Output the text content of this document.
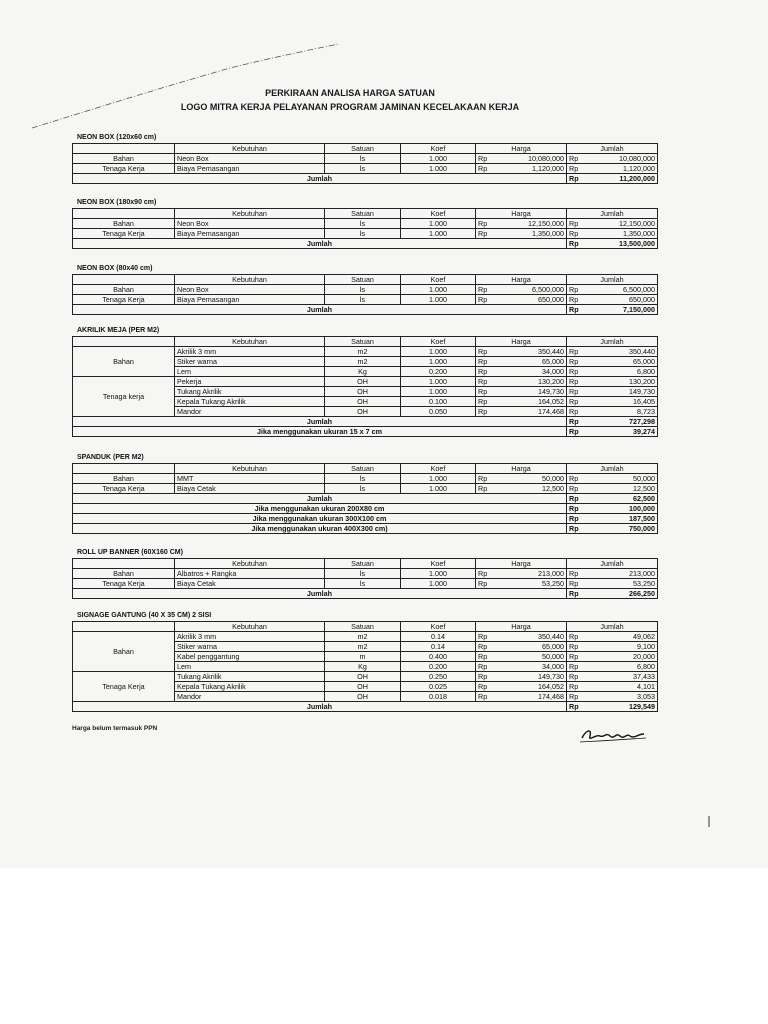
PERKIRAAN ANALISA HARGA SATUAN
LOGO MITRA KERJA PELAYANAN PROGRAM JAMINAN KECELAKAAN KERJA
NEON BOX (120x60 cm)
	Kebutuhan	Satuan	Koef	Harga		Jumlah	
Bahan	Neon Box	ls	1.000	Rp	10,080,000	Rp	10,080,000
Tenaga Kerja	Biaya Pemasangan	ls	1.000	Rp	1,120,000	Rp	1,120,000
Jumlah						Rp	11,200,000
NEON BOX (180x90 cm)
	Kebutuhan	Satuan	Koef	Harga		Jumlah	
Bahan	Neon Box	ls	1.000	Rp	12,150,000	Rp	12,150,000
Tenaga Kerja	Biaya Pemasangan	ls	1.000	Rp	1,350,000	Rp	1,350,000
Jumlah						Rp	13,500,000
NEON BOX (80x40 cm)
	Kebutuhan	Satuan	Koef	Harga		Jumlah	
Bahan	Neon Box	ls	1.000	Rp	6,500,000	Rp	6,500,000
Tenaga Kerja	Biaya Pemasangan	ls	1.000	Rp	650,000	Rp	650,000
Jumlah						Rp	7,150,000
AKRILIK MEJA (PER M2)
	Kebutuhan	Satuan	Koef	Harga		Jumlah	
Bahan	Akrilik 3 mm	m2	1.000	Rp	350,440	Rp	350,440
	Stiker warna	m2	1.000	Rp	65,000	Rp	65,000
	Lem	Kg	0.200	Rp	34,000	Rp	6,800
Tenaga kerja	Pekerja	OH	1.000	Rp	130,200	Rp	130,200
	Tukang Akrilik	OH	1.000	Rp	149,730	Rp	149,730
	Kepala Tukang Akrilik	OH	0.100	Rp	164,052	Rp	16,405
	Mandor	OH	0.050	Rp	174,468	Rp	8,723
Jumlah						Rp	727,298
Jika menggunakan ukuran 15 x 7 cm						Rp	39,274
SPANDUK (PER M2)
	Kebutuhan	Satuan	Koef	Harga		Jumlah	
Bahan	MMT	ls	1.000	Rp	50,000	Rp	50,000
Tenaga Kerja	Biaya Cetak	ls	1.000	Rp	12,500	Rp	12,500
Jumlah						Rp	62,500
Jika menggunakan ukuran 200X80 cm						Rp	100,000
Jika menggunakan ukuran 300X100 cm						Rp	187,500
Jika menggunakan ukuran 400X300 cm)						Rp	750,000
ROLL UP BANNER (60X160 CM)
	Kebutuhan	Satuan	Koef	Harga		Jumlah	
Bahan	Albatros + Rangka	ls	1.000	Rp	213,000	Rp	213,000
Tenaga Kerja	Biaya Cetak	ls	1.000	Rp	53,250	Rp	53,250
Jumlah						Rp	266,250
SIGNAGE GANTUNG (40 X 35 CM) 2 SISI
	Kebutuhan	Satuan	Koef	Harga		Jumlah	
Bahan	Akrilik 3 mm	m2	0.14	Rp	350,440	Rp	49,062
	Stiker warna	m2	0.14	Rp	65,000	Rp	9,100
	Kabel penggantung	m	0.400	Rp	50,000	Rp	20,000
	Lem	Kg	0.200	Rp	34,000	Rp	6,800
Tenaga Kerja	Tukang Akrilik	OH	0.250	Rp	149,730	Rp	37,433
	Kepala Tukang Akrilik	OH	0.025	Rp	164,052	Rp	4,101
	Mandor	OH	0.018	Rp	174,468	Rp	3,053
Jumlah						Rp	129,549
Harga belum termasuk PPN
